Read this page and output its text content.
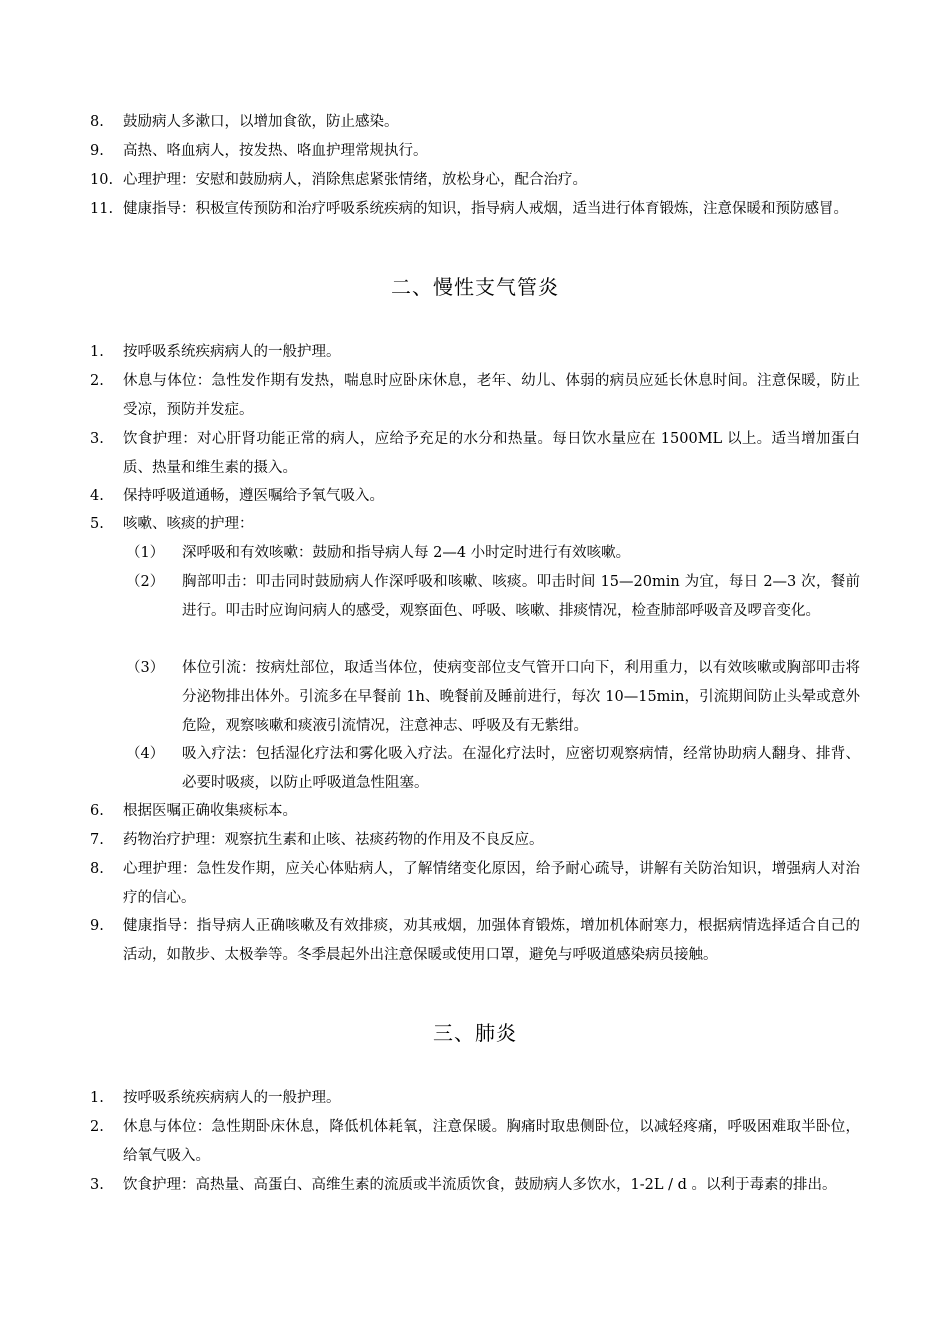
8. 鼓励病人多漱口，以增加食欲，防止感染。
9. 高热、咯血病人，按发热、咯血护理常规执行。
10. 心理护理：安慰和鼓励病人，消除焦虑紧张情绪，放松身心，配合治疗。
11. 健康指导：积极宣传预防和治疗呼吸系统疾病的知识，指导病人戒烟，适当进行体育锻炼，注意保暖和预防感冒。
二、慢性支气管炎
1. 按呼吸系统疾病病人的一般护理。
2. 休息与体位：急性发作期有发热，喘息时应卧床休息，老年、幼儿、体弱的病员应延长休息时间。注意保暖，防止受凉，预防并发症。
3. 饮食护理：对心肝肾功能正常的病人，应给予充足的水分和热量。每日饮水量应在 1500ML 以上。适当增加蛋白质、热量和维生素的摄入。
4. 保持呼吸道通畅，遵医嘱给予氧气吸入。
5. 咳嗽、咳痰的护理：
（1） 深呼吸和有效咳嗽：鼓励和指导病人每 2—4 小时定时进行有效咳嗽。
（2） 胸部叩击：叩击同时鼓励病人作深呼吸和咳嗽、咳痰。叩击时间 15—20min 为宜，每日 2—3 次，餐前进行。叩击时应询问病人的感受，观察面色、呼吸、咳嗽、排痰情况，检查肺部呼吸音及啰音变化。
（3） 体位引流：按病灶部位，取适当体位，使病变部位支气管开口向下，利用重力，以有效咳嗽或胸部叩击将分泌物排出体外。引流多在早餐前 1h、晚餐前及睡前进行，每次 10—15min，引流期间防止头晕或意外危险，观察咳嗽和痰液引流情况，注意神志、呼吸及有无紫绀。
（4） 吸入疗法：包括湿化疗法和雾化吸入疗法。在湿化疗法时，应密切观察病情，经常协助病人翻身、排背、必要时吸痰，以防止呼吸道急性阻塞。
6. 根据医嘱正确收集痰标本。
7. 药物治疗护理：观察抗生素和止咳、祛痰药物的作用及不良反应。
8. 心理护理：急性发作期，应关心体贴病人，了解情绪变化原因，给予耐心疏导，讲解有关防治知识，增强病人对治疗的信心。
9. 健康指导：指导病人正确咳嗽及有效排痰，劝其戒烟，加强体育锻炼，增加机体耐寒力，根据病情选择适合自己的活动，如散步、太极拳等。冬季晨起外出注意保暖或使用口罩，避免与呼吸道感染病员接触。
三、肺炎
1. 按呼吸系统疾病病人的一般护理。
2. 休息与体位：急性期卧床休息，降低机体耗氧，注意保暖。胸痛时取患侧卧位，以减轻疼痛，呼吸困难取半卧位，给氧气吸入。
3. 饮食护理：高热量、高蛋白、高维生素的流质或半流质饮食，鼓励病人多饮水，1-2L / d 。以利于毒素的排出。
